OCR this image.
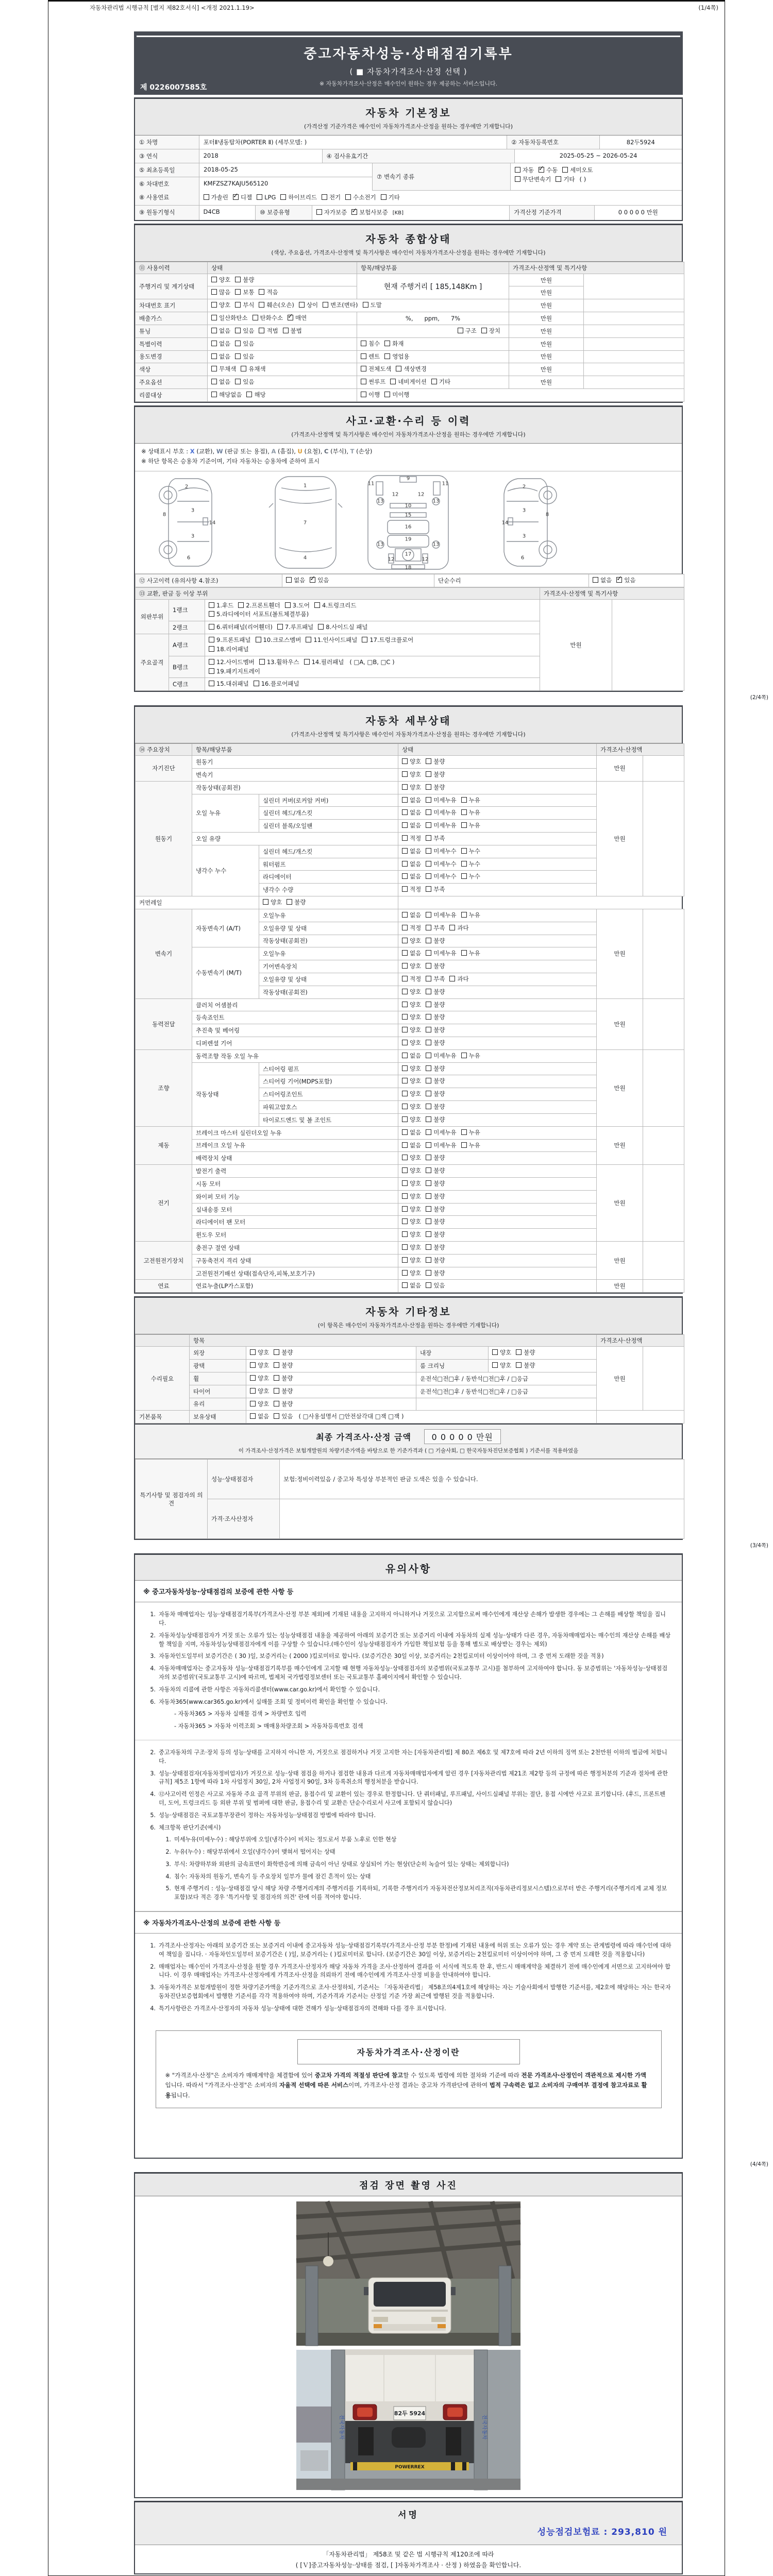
자동차관리법 시행규칙 [별지 제82호서식] <개정 2021.1.19>	(1/4쪽)
중고자동차성능·상태점검기록부
( ■ 자동차가격조사·산정 선택 )
※ 자동차가격조사·산정은 매수인이 원하는 경우 제공하는 서비스입니다.
제 0226007585호
자동차 기본정보
(가격산정 기준가격은 매수인이 자동차가격조사·산정을 원하는 경우에만 기재합니다)
① 차명	포터Ⅱ냉동탑차(PORTER Ⅱ) (세부모델: )	② 자동차등록번호	82두5924
③ 연식	2018	④ 검사유효기간	2025-05-25 ~ 2026-05-24
⑤ 최초등록일	2018-05-25
⑥ 차대번호	KMFZSZ7KAJU565120
⑦ 변속기 종류
자동 ✓ 수동 세미오토
무단변속기 기타 ( )
⑧ 사용연료	가솔린 ✓ 디젤 LPG 하이브리드 전기 수소전기 기타
⑨ 원동기형식	D4CB	⑩ 보증유형	자가보증 ✓ 보험사보증 [KB]	가격산정 기준가격	0 0 0 0 0 만원
자동차 종합상태
(색상, 주요옵션, 가격조사·산정액 및 특기사항은 매수인이 자동차가격조사·산정을 원하는 경우에만 기재합니다)
⑪ 사용이력	상태	항목/해당부품	가격조사·산정액 및 특기사항	
주행거리 및 계기상태	양호 불량	현재 주행거리 [ 185,148Km ]	만원	

	많음 보통 적음		만원	
차대번호 표기	양호 부식 훼손(오손) 상이 변조(변타) 도말		만원	
배출가스	일산화탄소 탄화수소 ✓ 매연	%,      ppm,      7%	만원	
튜닝	없음 있음 적법 불법	구조 장치	만원	
특별이력	없음 있음	침수 화재	만원	
용도변경	없음 있음	렌트 영업용	만원	
색상	무채색 유채색	전체도색 색상변경	만원	
주요옵션	없음 있음	썬루프 네비게이션 기타	만원	
리콜대상	해당없음 해당	이행 미이행		
사고·교환·수리 등 이력
(가격조사·산정액 및 특기사항은 매수인이 자동차가격조사·산정을 원하는 경우에만 기재합니다)
※ 상태표시 부호 : X (교환), W (판금 또는 용접), A (흠집), U (요철), C (부식), T (손상)
※ 하단 항목은 승용차 기준이며, 기타 자동차는 승용차에 준하여 표시
2
8
3
14
3
6
1
7
4
9
11	11
13	13
12	12
10
15
16
19
13	13
17
12	12
18
2
8
3
14
3
6
⑫ 사고이력 (유의사항 4.참조)	없음 ✓ 있음	단순수리	없음 ✓ 있음
⑬ 교환, 판금 등 이상 부위			가격조사·산정액 및 특기사항	
외판부위	1랭크	1.후드 2.프론트휀더 3.도어 4.트렁크리드
5.라디에이터 서포트(볼트체결부품)	만원	
	2랭크	6.쿼터패널(리어휀더) 7.루프패널 8.사이드실 패널		

주요골격	A랭크	9.프론트패널 10.크로스멤버 11.인사이드패널 17.트렁크플로어
18.리어패널		

	B랭크	12.사이드멤버 13.휠하우스 14.필러패널 ( □A, □B, □C )
19.패키지트레이		

	C랭크	15.대쉬패널 16.플로어패널		
(2/4쪽)
자동차 세부상태
(가격조사·산정액 및 특기사항은 매수인이 자동차가격조사·산정을 원하는 경우에만 기재합니다)
⑭ 주요장치	항목/해당부품		상태	가격조사·산정액	
자기진단	원동기		양호 불량	만원	
	변속기		양호 불량		

원동기	작동상태(공회전)		양호 불량	만원	
	오일 누유	실린더 커버(로커암 커버)	없음 미세누유 누유		

		실린더 헤드/개스킷	없음 미세누유 누유		

		실린더 블록/오일팬	없음 미세누유 누유		

	오일 유량		적정 부족		

	냉각수 누수	실린더 헤드/개스킷	없음 미세누수 누수		

		워터펌프	없음 미세누수 누수		

		라디에이터	없음 미세누수 누수		

		냉각수 수량	적정 부족		

커먼레일		양호 불량			

변속기	자동변속기 (A/T)	오일누유	없음 미세누유 누유	만원	
		오일유량 및 상태	적정 부족 과다		

		작동상태(공회전)	양호 불량		

	수동변속기 (M/T)	오일누유	없음 미세누유 누유		

		기어변속장치	양호 불량		

		오일유량 및 상태	적정 부족 과다		

		작동상태(공회전)	양호 불량		

동력전달	클러치 어셈블리		양호 불량	만원	
	등속죠인트		양호 불량		

	추진축 및 베어링		양호 불량		

	디퍼렌셜 기어		양호 불량		

조향	동력조향 작동 오일 누유		없음 미세누유 누유	만원	
	작동상태	스티어링 펌프	양호 불량		

		스티어링 기어(MDPS포함)	양호 불량		

		스티어링조인트	양호 불량		

		파워고압호스	양호 불량		

		타이로드엔드 및 볼 조인트	양호 불량		

제동	브레이크 마스터 실린더오일 누유		없음 미세누유 누유	만원	
	브레이크 오일 누유		없음 미세누유 누유		

	배력장치 상태		양호 불량		

전기	발전기 출력		양호 불량	만원	
	시동 모터		양호 불량		

	와이퍼 모터 기능		양호 불량		

	실내송풍 모터		양호 불량		

	라디에이터 팬 모터		양호 불량		

	윈도우 모터		양호 불량		

고전원전기장치	충전구 절연 상태		양호 불량	만원	
	구동축전지 격리 상태		양호 불량		

	고전원전기배선 상태(접속단자,피복,보호기구)		양호 불량		

연료	연료누출(LP가스포함)		없음 있음	만원	
자동차 기타정보
(이 항목은 매수인이 자동차가격조사·산정을 원하는 경우에만 기재합니다)
	항목				가격조사·산정액	
수리필요	외장	양호 불량	내장	양호 불량	만원	
	광택	양호 불량	룸 크리닝	양호 불량		

	휠	양호 불량	운전석□전□후 / 동반석□전□후 / □응급			
	타이어	양호 불량	운전석□전□후 / 동반석□전□후 / □응급			
	유리	양호 불량				

기본품목	보유상태	없음 있음 ( □사용설명서 □안전삼각대 □잭 □잭 )				

최종 가격조사·산정 금액 0 0 0 0 0 만원
이 가격조사·산정가격은 보험개발원의 차량기준가액을 바탕으로 한 기준가격과 ( □ 기술사회, □ 한국자동차진단보증협회 ) 기준서를 적용하였음
특기사항 및 점검자의 의견	성능·상태점검자	보험:정비이력있음 / 중고차 특성상 부분적인 판금 도색은 있을 수 있습니다.
	가격·조사산정자	
(3/4쪽)
유의사항
※ 중고자동차성능·상태점검의 보증에 관한 사항 등
1. 자동차 매매업자는 성능·상태점검기록부(가격조사·산정 부분 제외)에 기재된 내용을 고지하지 아니하거나 거짓으로 고지함으로써 매수인에게 재산상 손해가 발생한 경우에는 그 손해를 배상할 책임을 집니다.
2. 자동차성능상태점검자가 거짓 또는 오류가 있는 성능상태점검 내용을 제공하여 아래의 보증기간 또는 보증거리 이내에 자동차의 실제 성능·상태가 다른 경우, 자동차매매업자는 매수인의 재산상 손해를 배상할 책임을 지며, 자동차성능상태점검자에게 이를 구상할 수 있습니다.(매수인이 성능상태점검자가 가입한 책임보험 등을 통해 별도로 배상받는 경우는 제외)
3. 자동차인도일부터 보증기간은 ( 30 )일, 보증거리는 ( 2000 )킬로미터로 합니다. (보증기간은 30일 이상, 보증거리는 2천킬로미터 이상이어야 하며, 그 중 먼저 도래한 것을 적용)
4. 자동차매매업자는 중고자동차 성능·상태점검기록부를 매수인에게 고지할 때 현행 자동차성능·상태점검자의 보증범위(국토교통부 고시)를 첨부하여 고지하여야 합니다. 동 보증범위는 '자동차성능·상태점검자의 보증범위'(국토교통부 고시)에 따르며, 법제처 국가법령정보센터 또는 국토교통부 홈페이지에서 확인할 수 있습니다.
5. 자동차의 리콜에 관한 사항은 자동차리콜센터(www.car.go.kr)에서 확인할 수 있습니다.
6. 자동차365(www.car365.go.kr)에서 실매물 조회 및 정비이력 확인을 확인할 수 있습니다.
- 자동차365 > 자동차 실매물 검색 > 차량번호 입력
- 자동차365 > 자동차 이력조회 > 매매용차량조회 > 자동차등록번호 검색
2. 중고자동차의 구조·장치 등의 성능·상태를 고지하지 아니한 자, 거짓으로 점검하거나 거짓 고지한 자는 [자동차관리법] 제 80조 제6호 및 제7호에 따라 2년 이하의 징역 또는 2천만원 이하의 벌금에 처합니다.
3. 성능·상태점검자(자동차정비업자)가 거짓으로 성능·상태 점검을 하거나 점검한 내용과 다르게 자동차매매업자에게 알린 경우 [자동차관리법 제21조 제2항 등의 규정에 따른 행정처분의 기준과 절차에 관한 규칙] 제5조 1항에 따라 1차 사업정지 30일, 2차 사업정지 90일, 3차 등록취소의 행정처분을 받습니다.
4. ⑫사고이력 인정은 사고로 자동차 주요 골격 부위의 판금, 용접수리 및 교환이 있는 경우로 한정합니다. 단 쿼터패널, 루프패널, 사이드실패널 부위는 절단, 용접 시에만 사고로 표기합니다. (후드, 프론트펜더, 도어, 트렁크리드 등 외판 부위 및 범퍼에 대한 판금, 용접수리 및 교환은 단순수리로서 사고에 포함되지 않습니다)
5. 성능·상태점검은 국토교통부장관이 정하는 자동차성능·상태점검 방법에 따라야 합니다.
6. 체크항목 판단기준(예시)
1. 미세누유(미세누수) : 해당부위에 오일(냉각수)이 비치는 정도로서 부품 노후로 인한 현상
2. 누유(누수) : 해당부위에서 오일(냉각수)이 맺혀서 떨어지는 상태
3. 부식: 차량하부와 외판의 금속표면이 화학반응에 의해 금속이 아닌 상태로 상실되어 가는 현상(단순히 녹슬어 있는 상태는 제외합니다)
4. 침수: 자동차의 원동기, 변속기 등 주요장치 일부가 물에 잠긴 흔적이 있는 상태
5. 현재 주행거리 : 성능·상태점검 당시 해당 차량 주행거리계의 주행거리를 기록하되, 기록한 주행거리가 자동차전산정보처리조직(자동차관리정보시스템)으로부터 받은 주행거리(주행거리계 교체 정보 포함)보다 적은 경우 '특기사항 및 점검자의 의견' 란에 이를 적어야 합니다.
※ 자동차가격조사·산정의 보증에 관한 사항 등
1. 가격조사·산정자는 아래의 보증기간 또는 보증거리 이내에 중고자동차 성능·상태점검기록부(가격조사·산정 부분 한정)에 기재된 내용에 허위 또는 오류가 있는 경우 계약 또는 관계법령에 따라 매수인에 대하여 책임을 집니다. · 자동차인도일부터 보증기간은 ( )일, 보증거리는 ( )킬로미터로 합니다. (보증기간은 30일 이상, 보증거리는 2천킬로미터 이상이어야 하며, 그 중 먼저 도래한 것을 적용합니다)
2. 매매업자는 매수인이 가격조사·산정을 원할 경우 가격조사·산정자가 해당 자동차 가격을 조사·산정하여 결과를 이 서식에 적도록 한 후, 반드시 매매계약을 체결하기 전에 매수인에게 서면으로 고지하여야 합니다. 이 경우 매매업자는 가격조사·산정자에게 가격조사·산정을 의뢰하기 전에 매수인에게 가격조사·산정 비용을 안내하여야 합니다.
3. 자동차가격은 보험개발원이 정한 차량기준가액을 기준가격으로 조사·산정하되, 기준서는 「자동차관리법」 제58조의4제1호에 해당하는 자는 기술사회에서 발행한 기준서를, 제2호에 해당하는 자는 한국자동차진단보증협회에서 발행한 기준서를 각각 적용하여야 하며, 기준가격과 기준서는 산정일 기준 가장 최근에 발행된 것을 적용합니다.
4. 특기사항란은 가격조사·산정자의 자동차 성능·상태에 대한 견해가 성능·상태점검자의 견해와 다를 경우 표시합니다.
자동차가격조사·산정이란
※ "가격조사·산정"은 소비자가 매매계약을 체결함에 있어 중고차 가격의 적절성 판단에 참고할 수 있도록 법령에 의한 절차와 기준에 따라 전문 가격조사·산정인이 객관적으로 제시한 가액입니다. 따라서 "가격조사·산정"은 소비자의 자율적 선택에 따른 서비스이며, 가격조사·산정 결과는 중고차 가격판단에 관하여 법적 구속력은 없고 소비자의 구매여부 결정에 참고자료로 활용됩니다.
(4/4쪽)
점검 장면 촬영 사진
82두 5924
POWERREX
전국자동차	전국자동차
서명
성능점검보험료 : 293,810 원
「자동차관리법」 제58조 및 같은 법 시행규칙 제120조에 따라
( [Ｖ]중고자동차성능·상태를 점검, [ ]자동차가격조사 · 산정 ) 하였음을 확인합니다.
